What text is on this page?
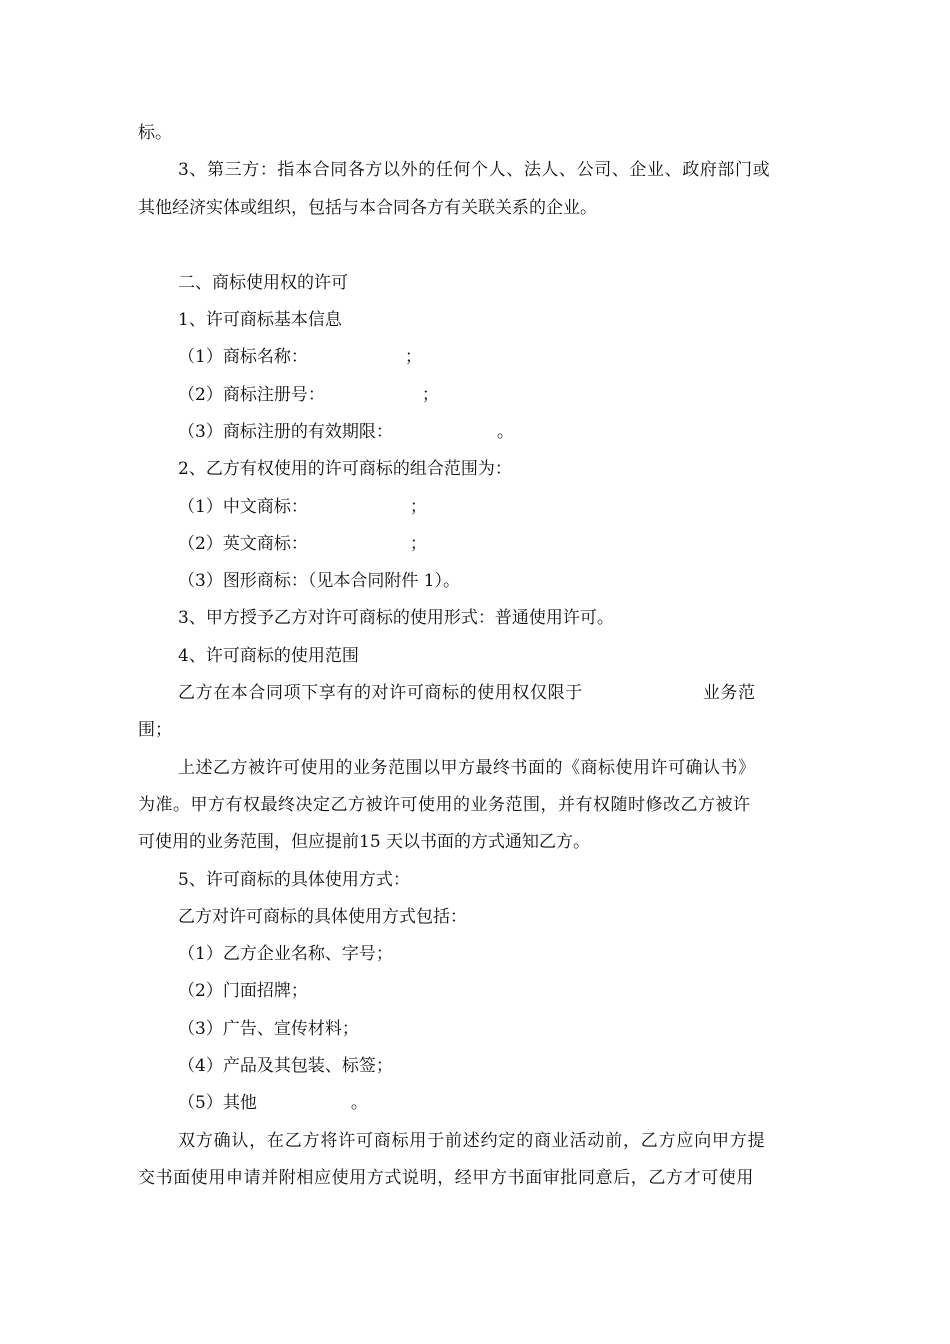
标。
3、第三方：指本合同各方以外的任何个人、法人、公司、企业、政府部门或
其他经济实体或组织，包括与本合同各方有关联关系的企业。
二、商标使用权的许可
1、许可商标基本信息
（1）商标名称：	；
（2）商标注册号：	；
（3）商标注册的有效期限：	。
2、乙方有权使用的许可商标的组合范围为：
（1）中文商标：	；
（2）英文商标：	；
（3）图形商标：（见本合同附件 1）。
3、甲方授予乙方对许可商标的使用形式：普通使用许可。
4、许可商标的使用范围
乙方在本合同项下享有的对许可商标的使用权仅限于	业务范
围；
上述乙方被许可使用的业务范围以甲方最终书面的《商标使用许可确认书》
为准。甲方有权最终决定乙方被许可使用的业务范围，并有权随时修改乙方被许
可使用的业务范围，但应提前15 天以书面的方式通知乙方。
5、许可商标的具体使用方式：
乙方对许可商标的具体使用方式包括：
（1）乙方企业名称、字号；
（2）门面招牌；
（3）广告、宣传材料；
（4）产品及其包装、标签；
（5）其他	。
双方确认，在乙方将许可商标用于前述约定的商业活动前，乙方应向甲方提
交书面使用申请并附相应使用方式说明，经甲方书面审批同意后，乙方才可使用
